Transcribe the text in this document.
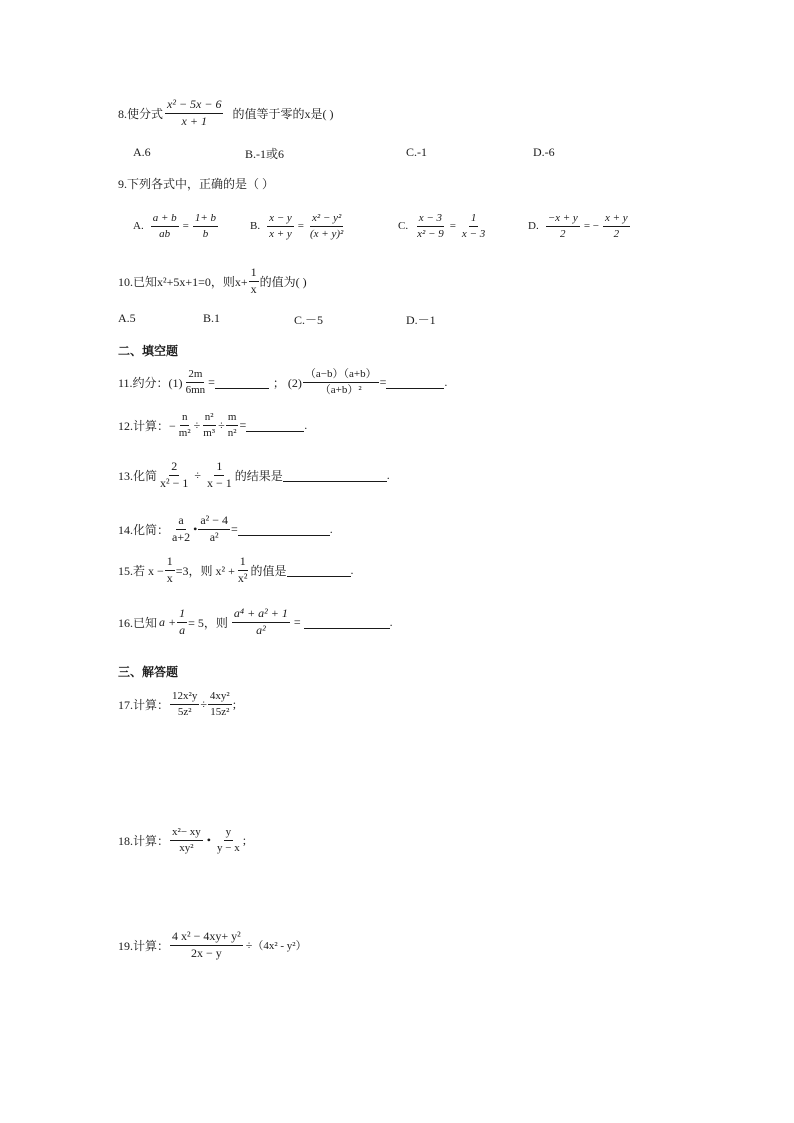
8.使分式 $\frac{\text{x² − 5x − 6}}{x + 1}$ 的值等于零的x是( )
A.6	B.-1或6	C.-1	D.-6
9.下列各式中，正确的是（ ）
A. $\frac{a + b}{ab} = \frac{1+ b}{b}$	B. $\frac{x - y}{x + y} = \frac{\text{x² − y²}}{\text{(x + y)²}}$	C. $\frac{x - 3}{\text{x² − 9}} = \frac{1}{x - 3}$	D. $\frac{-x + y}{2}$ = − $\frac{x + y}{2}$
10.已知x²+5x+1=0，则$x+ \frac{1}{x}$ 的值为( )
A.5	B.1	C.－5	D.－1
二、填空题
11.约分：$(1) \frac{2m}{6mn}$ =	； $(2) \frac{(a-b)(a+b)}{\text{（a+b）²}}$ =	.
12.计算：− $\frac{n}{\text{m²}} \div \frac{\text{n²}}{\text{m³}} \div \frac{m}{\text{n²}}$ =	.
13.化简 $\frac{2}{\text{x² − 1}} \div \frac{1}{x - 1}$ 的结果是	.
14.化简： $\frac{a}{a+2}$ • $\frac{\text{a² − 4}}{\text{a²}}$ =	.
15.若 $x - \frac{1}{x} =3$，则 $x^2 + \frac{1}{\text{x²}}$ 的值是	.
16.已知 $a + \frac{1}{a} = 5$，则 $\frac{\text{a⁴ + a² + 1}}{\text{a²}}$ =	.
三、解答题
17.计算： $\frac{\text{12x²y}}{\text{5z²}} \div \frac{\text{4xy²}}{\text{15z²}}$ ;
18.计算： $\frac{\text{x²− xy}}{\text{xy²}}$ • $\frac{y}{y - x}$ ;
19.计算： $\frac{\text{4 x² − 4xy+ y²}}{2x - y} \div (4x^2 - y^2)$
